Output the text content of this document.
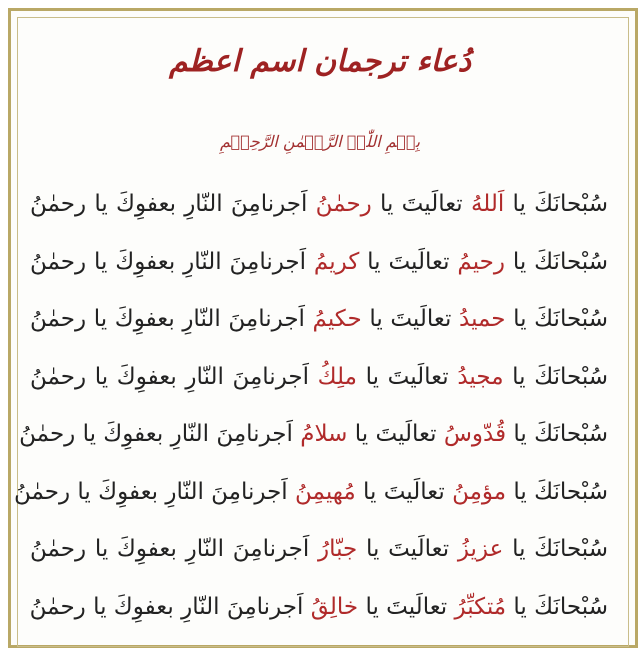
دُعاء ترجمان اسم اعظم
بِسۡمِ اللّٰہِ الرَّحۡمٰنِ الرَّحِیۡمِ
سُبْحانَكَ يا اَللهُ تعالَيتَ يا رحمٰنُ اَجرنامِنَ النّارِ بعفوِكَ يا رحمٰنُ
سُبْحانَكَ يا رحيمُ تعالَيتَ يا كريمُ اَجرنامِنَ النّارِ بعفوِكَ يا رحمٰنُ
سُبْحانَكَ يا حميدُ تعالَيتَ يا حكيمُ اَجرنامِنَ النّارِ بعفوِكَ يا رحمٰنُ
سُبْحانَكَ يا مجيدُ تعالَيتَ يا ملِكُ اَجرنامِنَ النّارِ بعفوِكَ يا رحمٰنُ
سُبْحانَكَ يا قُدّوسُ تعالَيتَ يا سلامُ اَجرنامِنَ النّارِ بعفوِكَ يا رحمٰنُ
سُبْحانَكَ يا مؤمِنُ تعالَيتَ يا مُهيمِنُ اَجرنامِنَ النّارِ بعفوِكَ يا رحمٰنُ
سُبْحانَكَ يا عزيزُ تعالَيتَ يا جبّارُ اَجرنامِنَ النّارِ بعفوِكَ يا رحمٰنُ
سُبْحانَكَ يا مُتكبِّرُ تعالَيتَ يا خالِقُ اَجرنامِنَ النّارِ بعفوِكَ يا رحمٰنُ
